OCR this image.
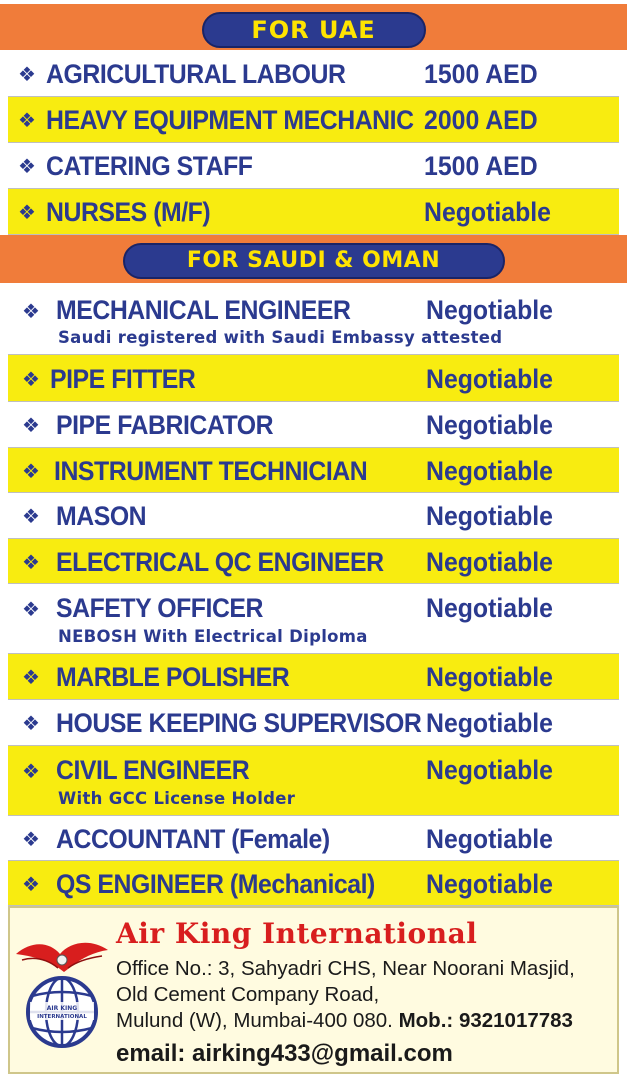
FOR UAE
❖ AGRICULTURAL LABOUR	1500 AED
❖ HEAVY EQUIPMENT MECHANIC 2000 AED
❖ CATERING STAFF	1500 AED
❖ NURSES (M/F)	Negotiable
FOR SAUDI & OMAN
❖ MECHANICAL ENGINEER	Negotiable
Saudi registered with Saudi Embassy attested
❖ PIPE FITTER	Negotiable
❖ PIPE FABRICATOR	Negotiable
❖ INSTRUMENT TECHNICIAN Negotiable
❖ MASON	Negotiable
❖ ELECTRICAL QC ENGINEER Negotiable
❖ SAFETY OFFICER	Negotiable
NEBOSH With Electrical Diploma
❖ MARBLE POLISHER	Negotiable
❖ HOUSE KEEPING SUPERVISOR Negotiable
❖ CIVIL ENGINEER	Negotiable
With GCC License Holder
❖ ACCOUNTANT (Female)	Negotiable
❖ QS ENGINEER (Mechanical) Negotiable
AIR KING
INTERNATIONAL
Air King International
Office No.: 3, Sahyadri CHS, Near Noorani Masjid,
Old Cement Company Road,
Mulund (W), Mumbai-400 080. Mob.: 9321017783
email: airking433@gmail.com
